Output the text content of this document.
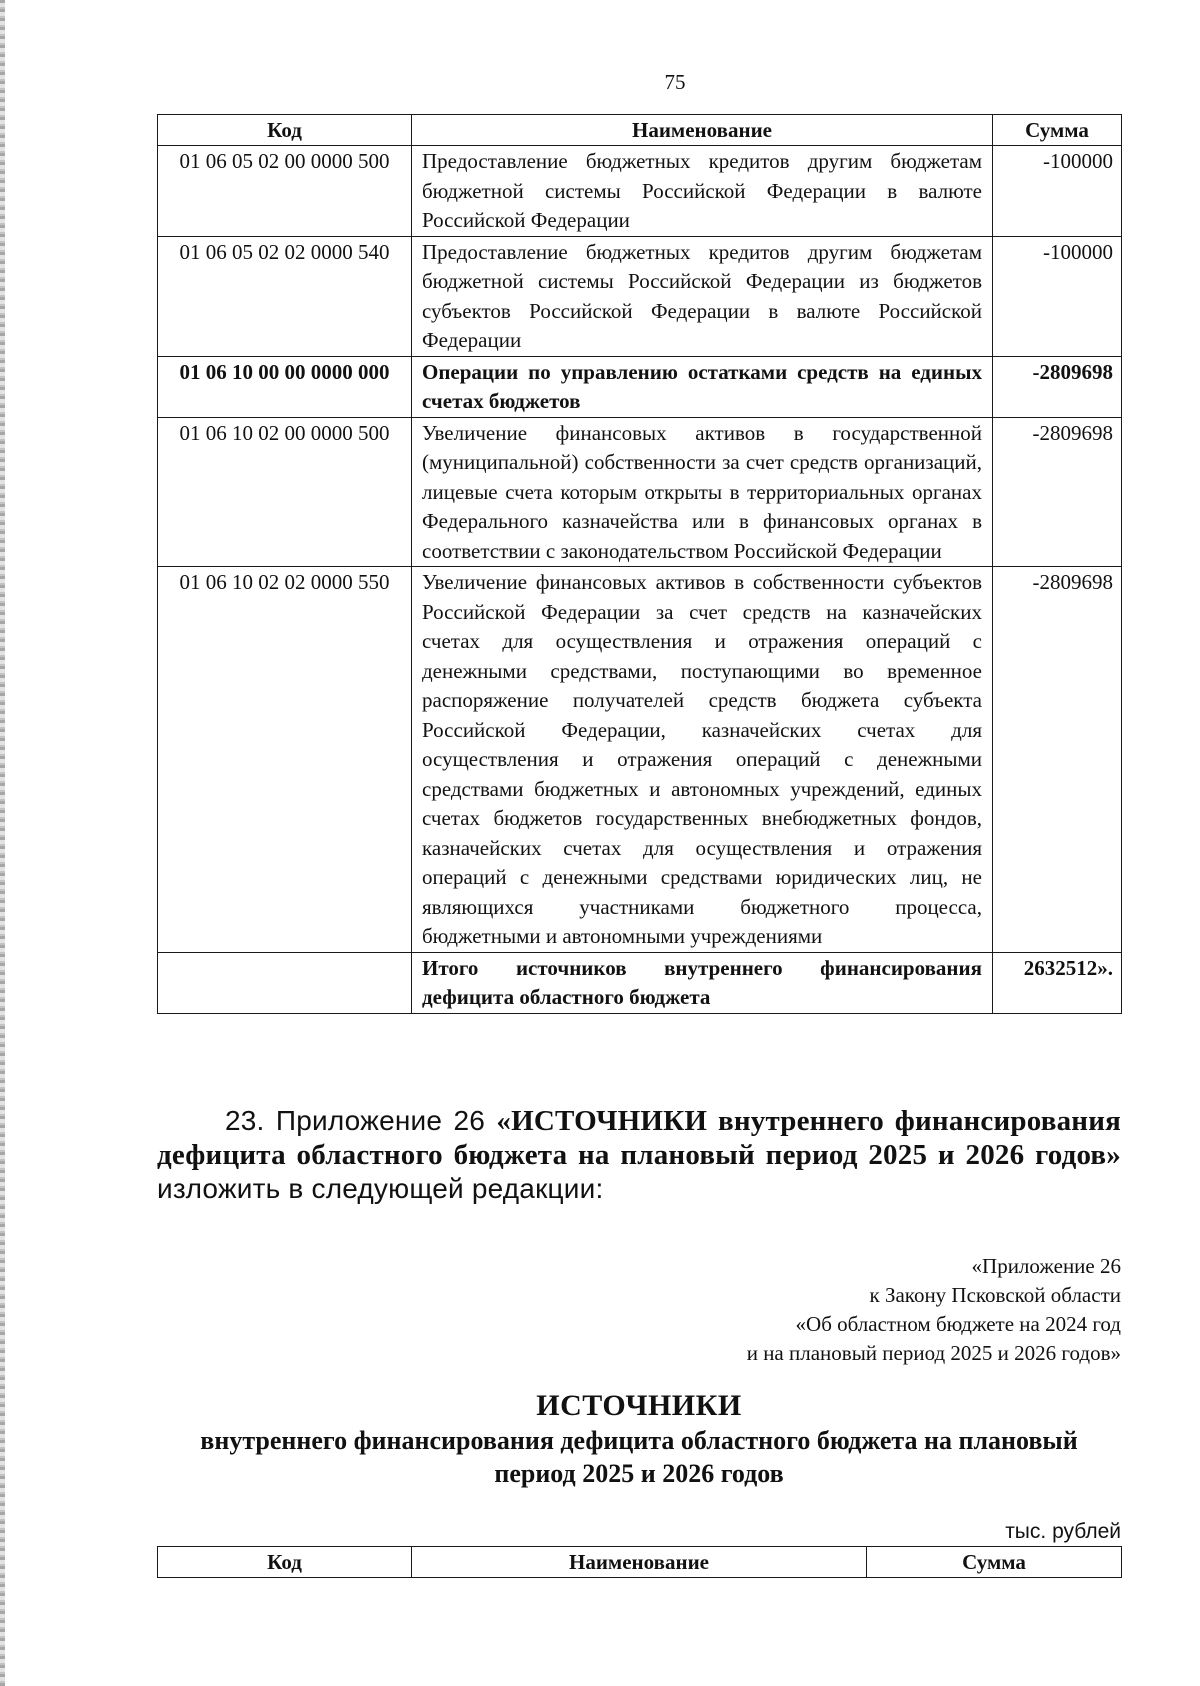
75
Код	Наименование	Сумма
01 06 05 02 00 0000 500	Предоставление бюджетных кредитов другим бюджетам бюджетной системы Российской Федерации в валюте Российской Федерации	-100000
01 06 05 02 02 0000 540	Предоставление бюджетных кредитов другим бюджетам бюджетной системы Российской Федерации из бюджетов субъектов Российской Федерации в валюте Российской Федерации	-100000
01 06 10 00 00 0000 000	Операции по управлению остатками средств на единых счетах бюджетов	-2809698
01 06 10 02 00 0000 500	Увеличение финансовых активов в государственной (муниципальной) собственности за счет средств организаций, лицевые счета которым открыты в территориальных органах Федерального казначейства или в финансовых органах в соответствии с законодательством Российской Федерации	-2809698
01 06 10 02 02 0000 550	Увеличение финансовых активов в собственности субъектов Российской Федерации за счет средств на казначейских счетах для осуществления и отражения операций с денежными средствами, поступающими во временное распоряжение получателей средств бюджета субъекта Российской Федерации, казначейских счетах для осуществления и отражения операций с денежными средствами бюджетных и автономных учреждений, единых счетах бюджетов государственных внебюджетных фондов, казначейских счетах для осуществления и отражения операций с денежными средствами юридических лиц, не являющихся участниками бюджетного процесса, бюджетными и автономными учреждениями	-2809698
	Итого источников внутреннего финансирования дефицита областного бюджета	2632512».
23. Приложение 26 «ИСТОЧНИКИ внутреннего финансирования дефицита областного бюджета на плановый период 2025 и 2026 годов» изложить в следующей редакции:
«Приложение 26
к Закону Псковской области
«Об областном бюджете на 2024 год
и на плановый период 2025 и 2026 годов»
ИСТОЧНИКИ
внутреннего финансирования дефицита областного бюджета на плановый период 2025 и 2026 годов
тыс. рублей
Код	Наименование	Сумма
